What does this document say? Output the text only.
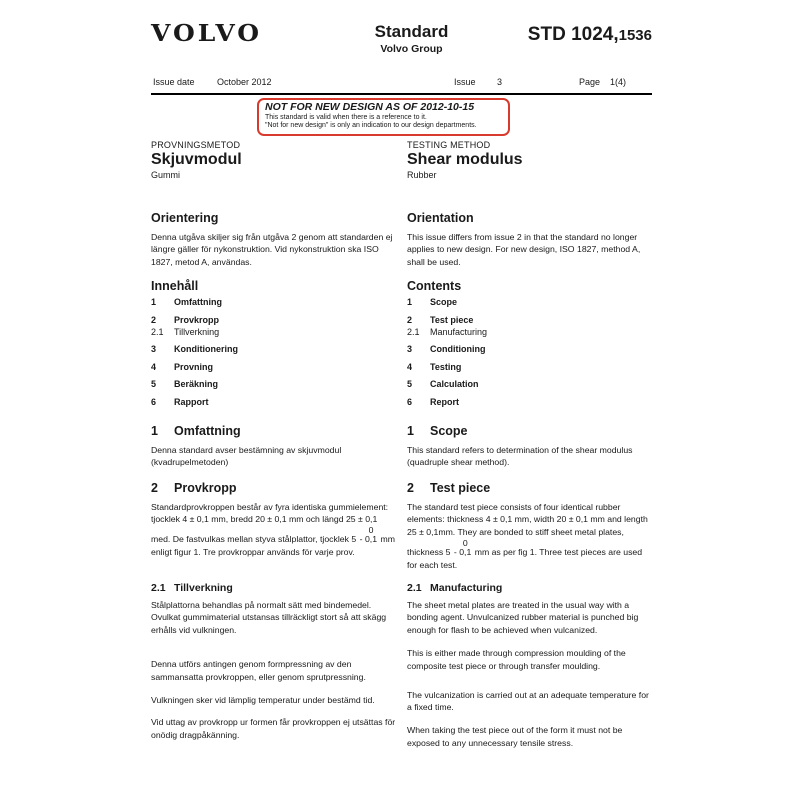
VOLVO	Standard
Volvo Group
STD 1024,1536
Issue date October 2012	Issue 3	Page 1(4)
NOT FOR NEW DESIGN AS OF 2012-10-15
This standard is valid when there is a reference to it.
"Not for new design" is only an indication to our design departments.
PROVNINGSMETOD	TESTING METHOD
Skjuvmodul	Shear modulus
Gummi	Rubber
Orientering	Orientation

Denna utgåva skiljer sig från utgåva 2 genom att standarden ej längre gäller för nykonstruktion. Vid nykonstruktion ska ISO 1827, metod A, användas.

This issue differs from issue 2 in that the standard no longer applies to new design. For new design, ISO 1827, method A, shall be used.

Innehåll	Contents
1	Omfattning
2	Provkropp
2.1	Tillverkning
3	Konditionering
4	Provning
5	Beräkning
6	Rapport
1	Scope
2	Test piece
2.1	Manufacturing
3	Conditioning
4	Testing
5	Calculation
6	Report
1	Omfattning	1	Scope

Denna standard avser bestämning av skjuvmodul (kvadrupelmetoden)

This standard refers to determination of the shear modulus (quadruple shear method).

2	Provkropp	2	Test piece

Standardprovkroppen består av fyra identiska gummielement: tjocklek 4 ± 0,1 mm, bredd 20 ± 0,1 mm och längd 25 ± 0,1 med. De fastvulkas mellan styva stålplattor, tjocklek 5
0
- 0,1 mm enligt figur 1. Tre provkroppar används för varje prov.

The standard test piece consists of four identical rubber elements: thickness 4 ± 0,1 mm, width 20 ± 0,1 mm and length 25 ± 0,1mm. They are bonded to stiff sheet metal plates, thickness 5
0
- 0,1 mm as per fig 1. Three test pieces are used for each test.

2.1 Tillverkning	2.1 Manufacturing

Stålplattorna behandlas på normalt sätt med bindemedel. Ovulkat gummimaterial utstansas tillräckligt stort så att skägg erhålls vid vulkningen.

Denna utförs antingen genom formpressning av den sammansatta provkroppen, eller genom sprutpressning.

Vulkningen sker vid lämplig temperatur under bestämd tid.

Vid uttag av provkropp ur formen får provkroppen ej utsättas för onödig dragpåkänning.

The sheet metal plates are treated in the usual way with a bonding agent. Unvulcanized rubber material is punched big enough for flash to be achieved when vulcanized.

This is either made through compression moulding of the composite test piece or through transfer moulding.

The vulcanization is carried out at an adequate temperature for a fixed time.

When taking the test piece out of the form it must not be exposed to any unnecessary tensile stress.
